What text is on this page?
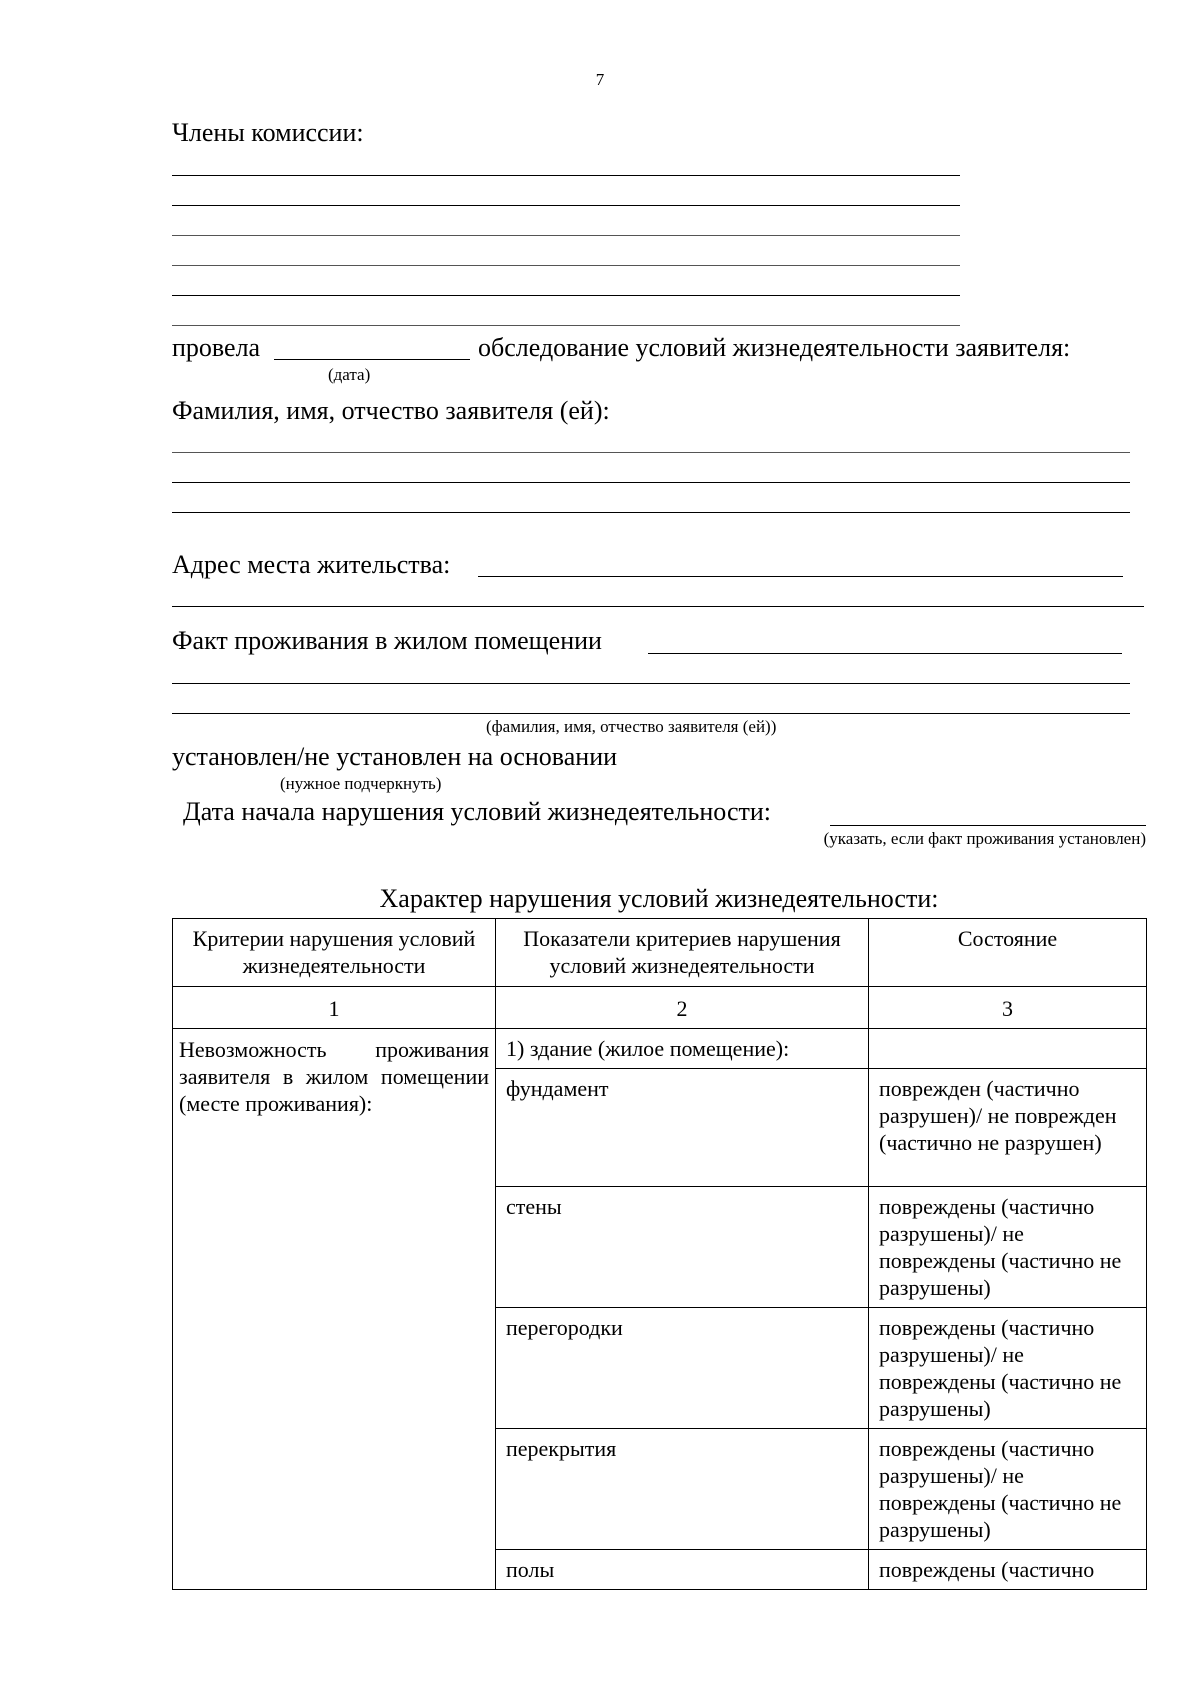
7
Члены комиссии:
провела	обследование условий жизнедеятельности заявителя:
(дата)
Фамилия, имя, отчество заявителя (ей):
Адрес места жительства:
Факт проживания в жилом помещении
(фамилия, имя, отчество заявителя (ей))
установлен/не установлен на основании
(нужное подчеркнуть)
Дата начала нарушения условий жизнедеятельности:
(указать, если факт проживания установлен)
Характер нарушения условий жизнедеятельности:
Критерии нарушения условий жизнедеятельности	Показатели критериев нарушения условий жизнедеятельности	Состояние
1	2	3
Невозможность проживания заявителя в жилом помещении (месте проживания):	1) здание (жилое помещение):	
	фундамент	поврежден (частично разрушен)/ не поврежден (частично не разрушен)
	стены	повреждены (частично разрушены)/ не повреждены (частично не разрушены)
	перегородки	повреждены (частично разрушены)/ не повреждены (частично не разрушены)
	перекрытия	повреждены (частично разрушены)/ не повреждены (частично не разрушены)
	полы	повреждены (частично
